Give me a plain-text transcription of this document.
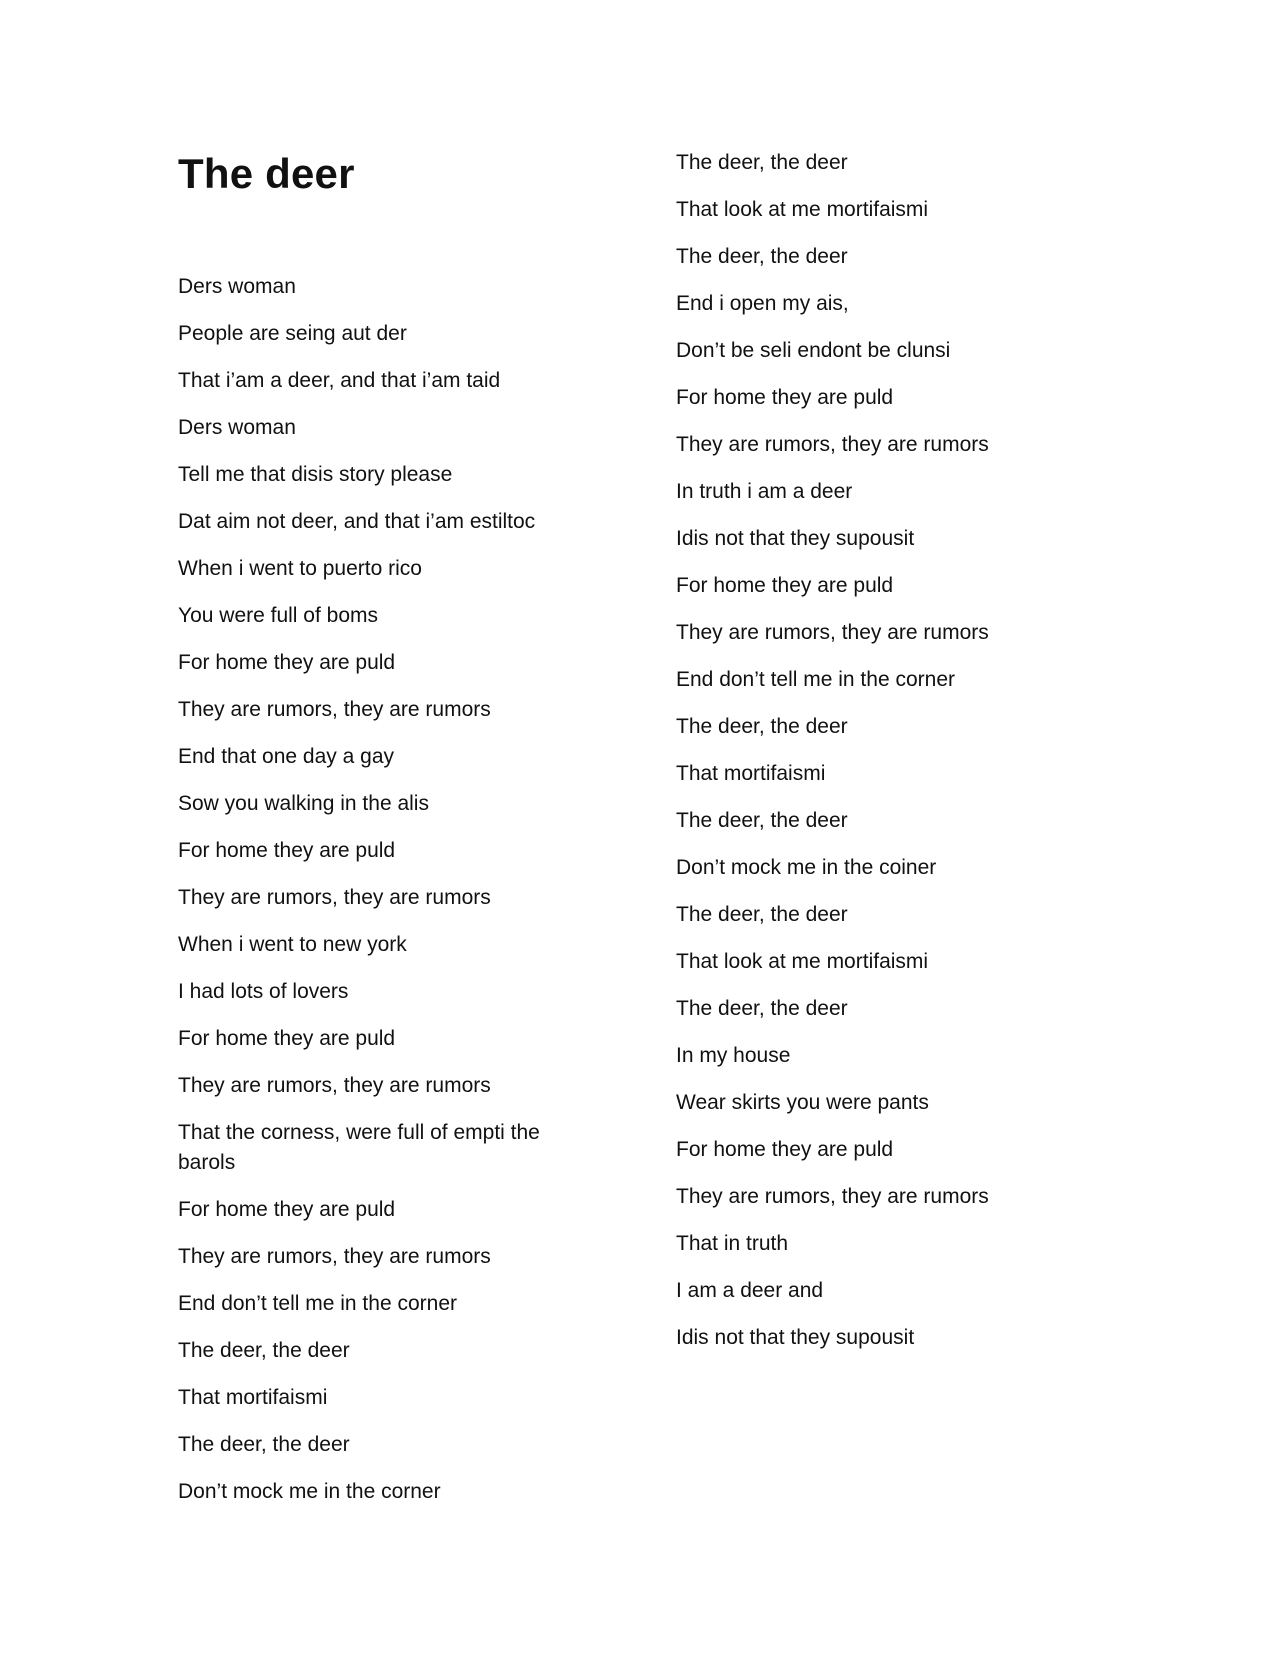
The deer
Ders woman
People are seing aut der
That i’am a deer, and that i’am taid
Ders woman
Tell me that disis story please
Dat aim not deer, and that i’am estiltoc
When i went to puerto rico
You were full of boms
For home they are puld
They are rumors, they are rumors
End that one day a gay
Sow you walking in the alis
For home they are puld
They are rumors, they are rumors
When i went to new york
I had lots of lovers
For home they are puld
They are rumors, they are rumors
That the corness, were full of empti the barols
For home they are puld
They are rumors, they are rumors
End don’t tell me in the corner
The deer, the deer
That mortifaismi
The deer, the deer
Don’t mock me in the corner
The deer, the deer
That look at me mortifaismi
The deer, the deer
End i open my ais,
Don’t be seli endont be clunsi
For home they are puld
They are rumors, they are rumors
In truth i am a deer
Idis not that they supousit
For home they are puld
They are rumors, they are rumors
End don’t tell me in the corner
The deer, the deer
That mortifaismi
The deer, the deer
Don’t mock me in the coiner
The deer, the deer
That look at me mortifaismi
The deer, the deer
In my house
Wear skirts you were pants
For home they are puld
They are rumors, they are rumors
That in truth
I am a deer and
Idis not that they supousit
